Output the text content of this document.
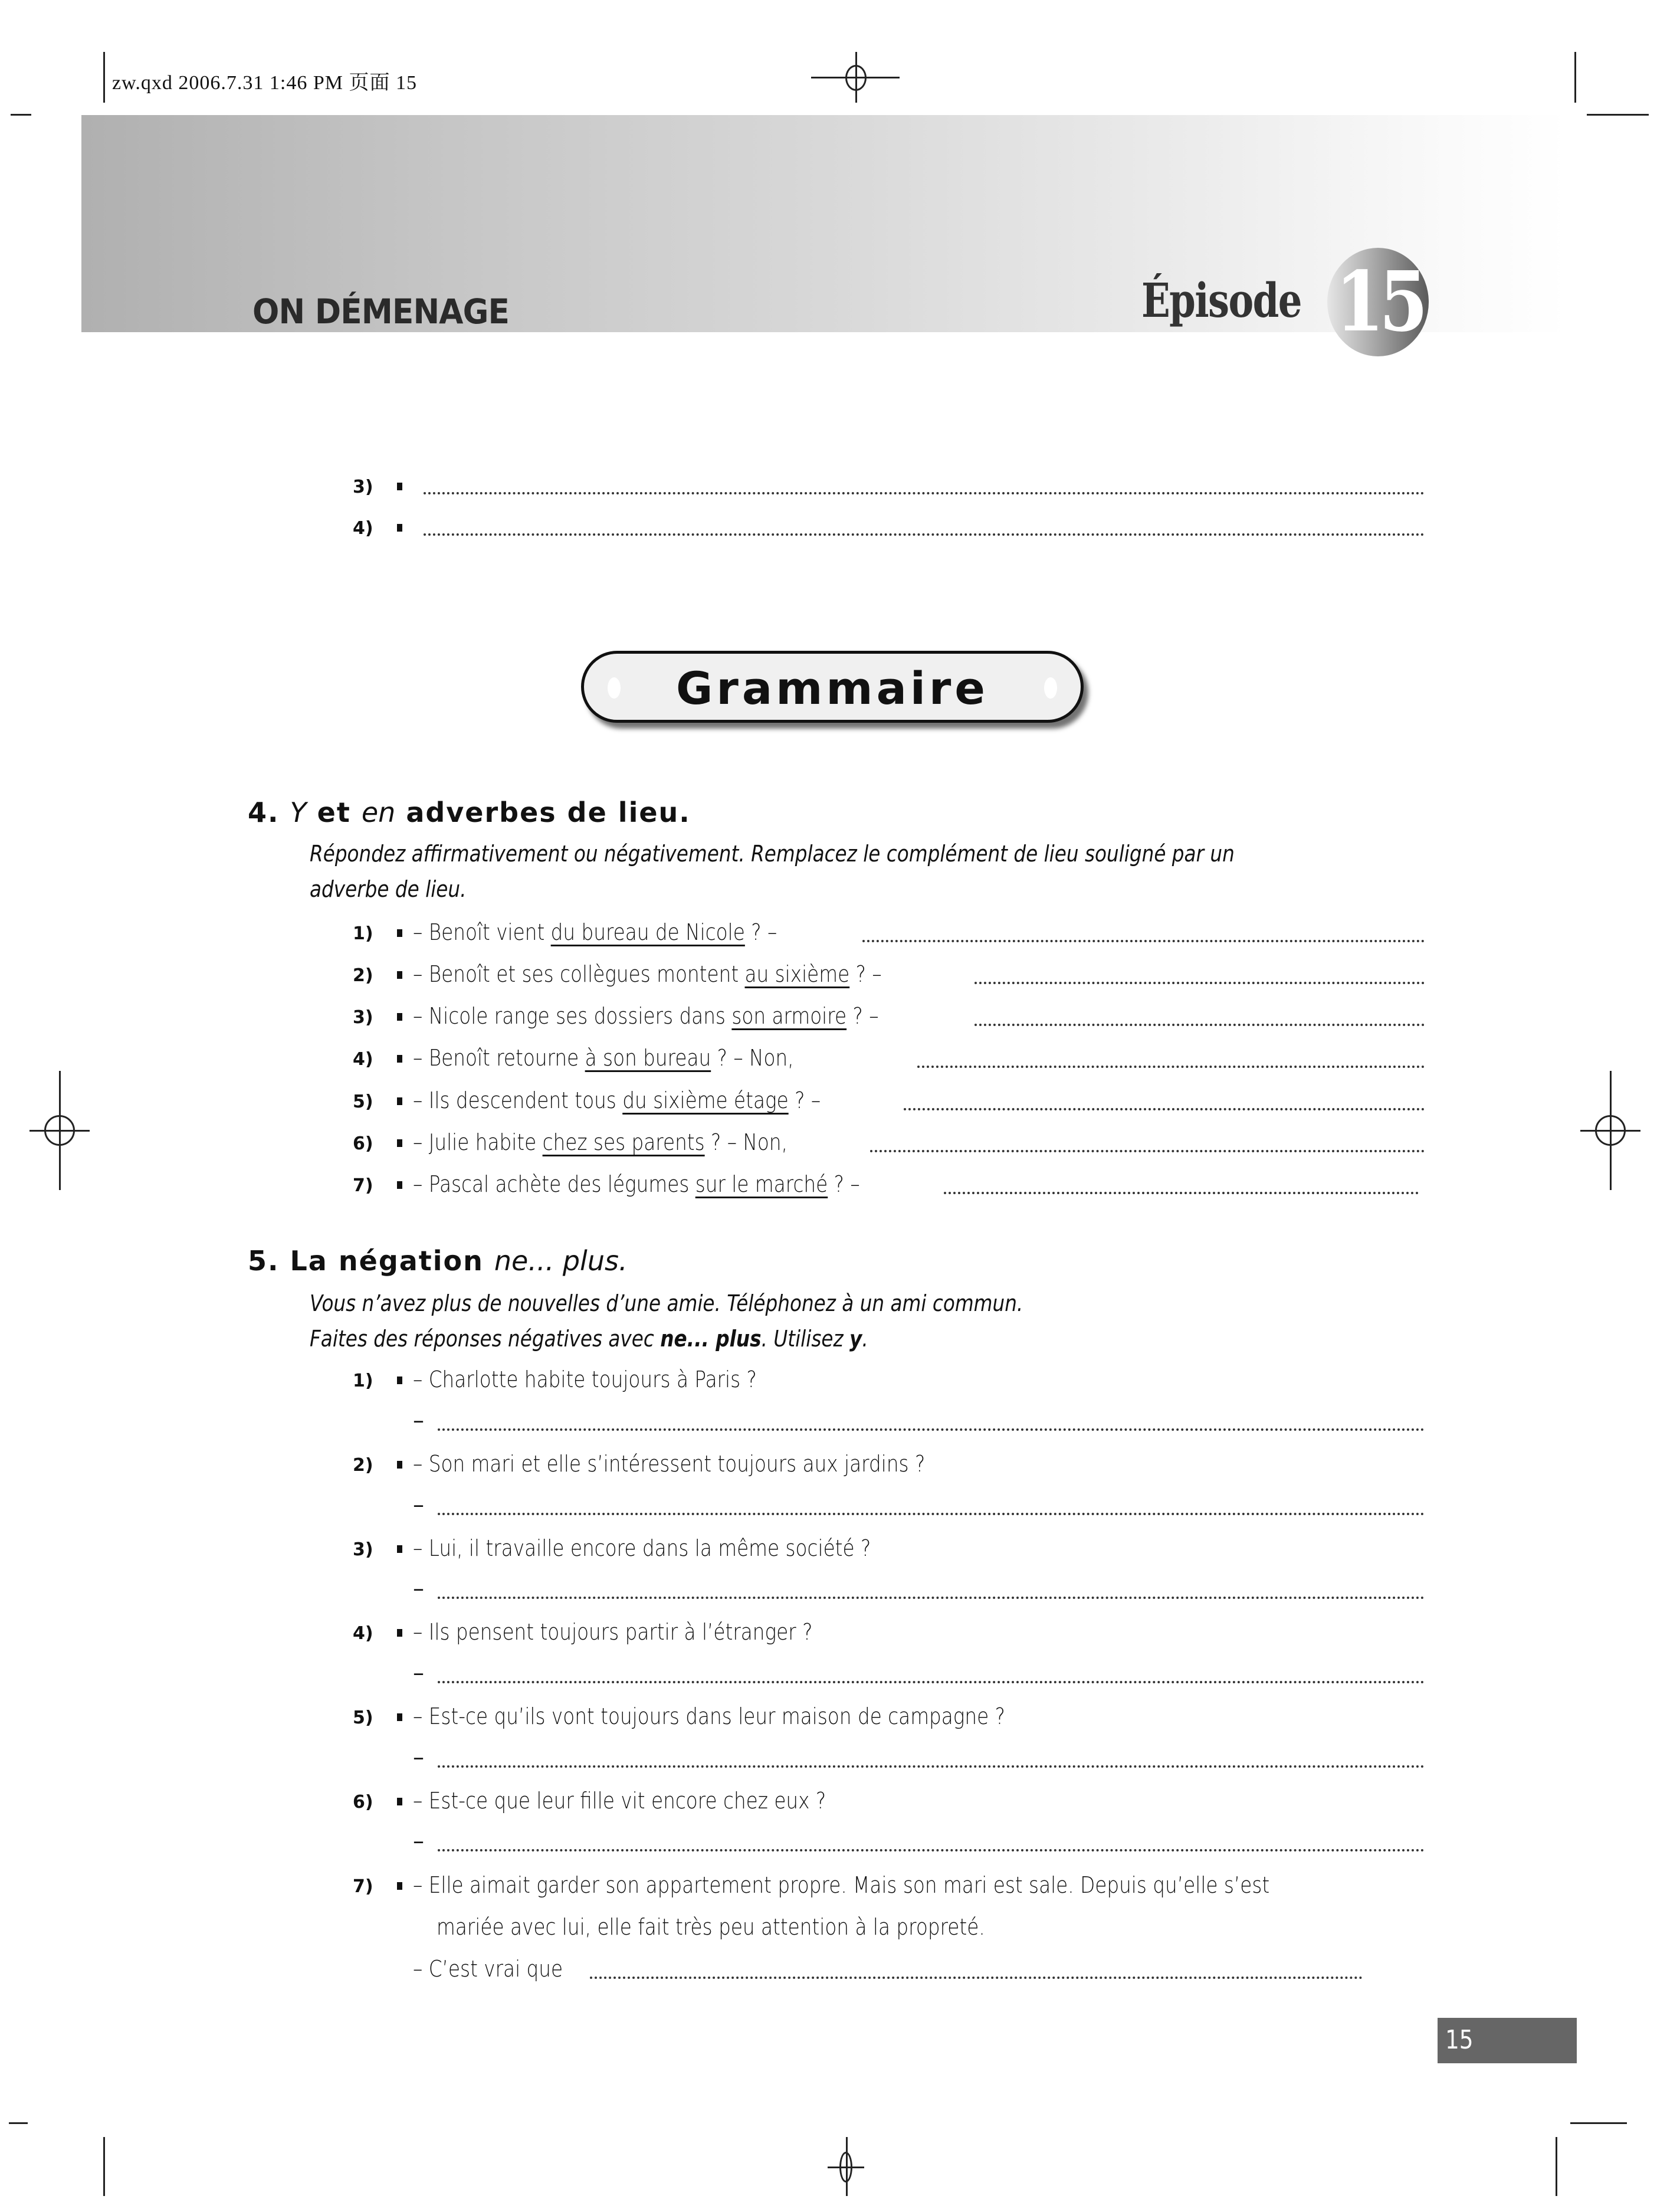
zw.qxd 2006.7.31 1:46 PM 页面 15
ON DÉMENAGE	Épisode 15
3)
4)
Grammaire
4. Y et en adverbes de lieu.
Répondez affirmativement ou négativement. Remplacez le complément de lieu souligné par un
adverbe de lieu.
1) – Benoît vient du bureau de Nicole ? –
2) – Benoît et ses collègues montent au sixième ? –
3) – Nicole range ses dossiers dans son armoire ? –
4) – Benoît retourne à son bureau ? – Non,
5) – Ils descendent tous du sixième étage ? –
6) – Julie habite chez ses parents ? – Non,
7) – Pascal achète des légumes sur le marché ? –
5. La négation ne... plus.
Vous n’avez plus de nouvelles d’une amie. Téléphonez à un ami commun.
Faites des réponses négatives avec ne... plus. Utilisez y.
1) – Charlotte habite toujours à Paris ?
–
2) – Son mari et elle s’intéressent toujours aux jardins ?
–
3) – Lui, il travaille encore dans la même société ?
–
4) – Ils pensent toujours partir à l’étranger ?
–
5) – Est-ce qu’ils vont toujours dans leur maison de campagne ?
–
6) – Est-ce que leur fille vit encore chez eux ?
–
7) – Elle aimait garder son appartement propre. Mais son mari est sale. Depuis qu’elle s’est
mariée avec lui, elle fait très peu attention à la propreté.
– C’est vrai que
15
